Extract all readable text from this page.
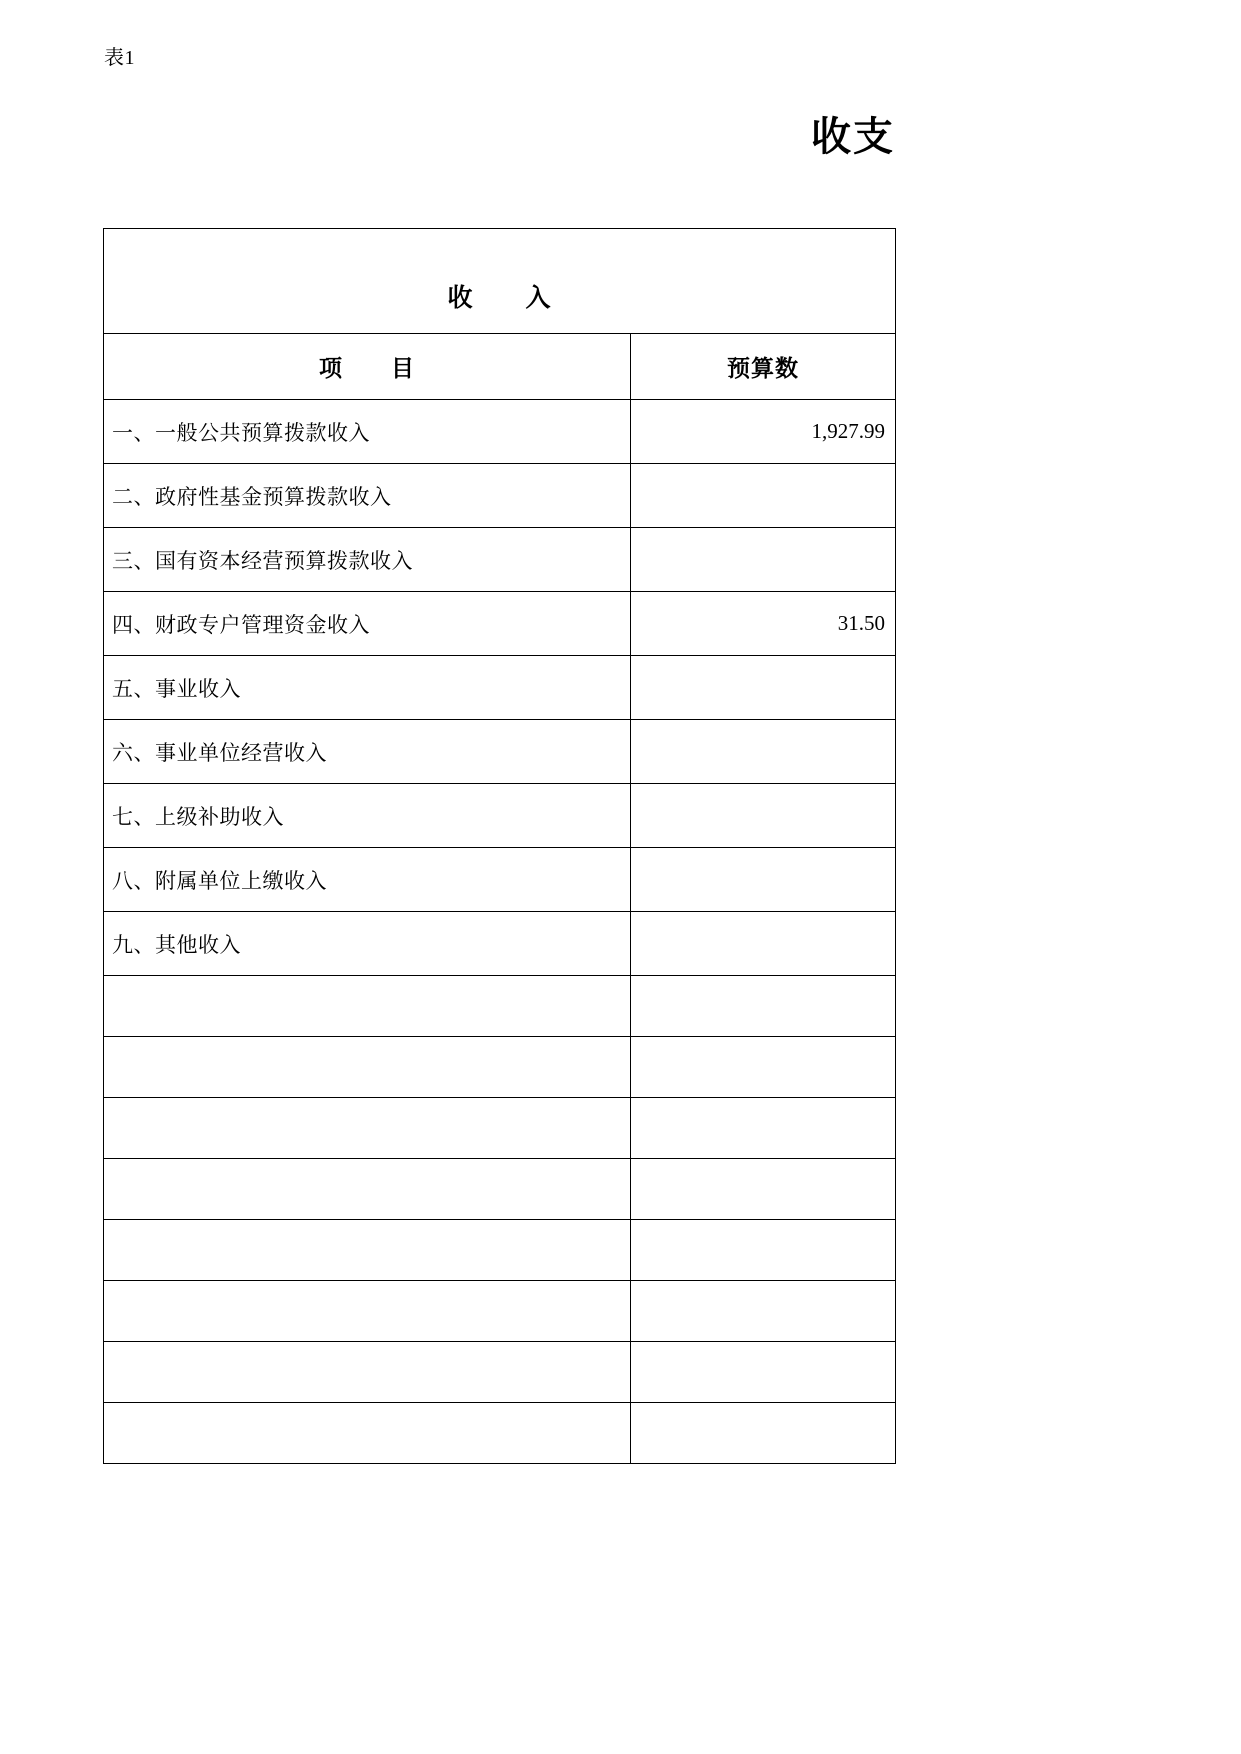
表1
收支
收　　入	

项　　目	预算数
一、一般公共预算拨款收入	1,927.99
二、政府性基金预算拨款收入	
三、国有资本经营预算拨款收入	
四、财政专户管理资金收入	31.50
五、事业收入	
六、事业单位经营收入	
七、上级补助收入	
八、附属单位上缴收入	
九、其他收入	
